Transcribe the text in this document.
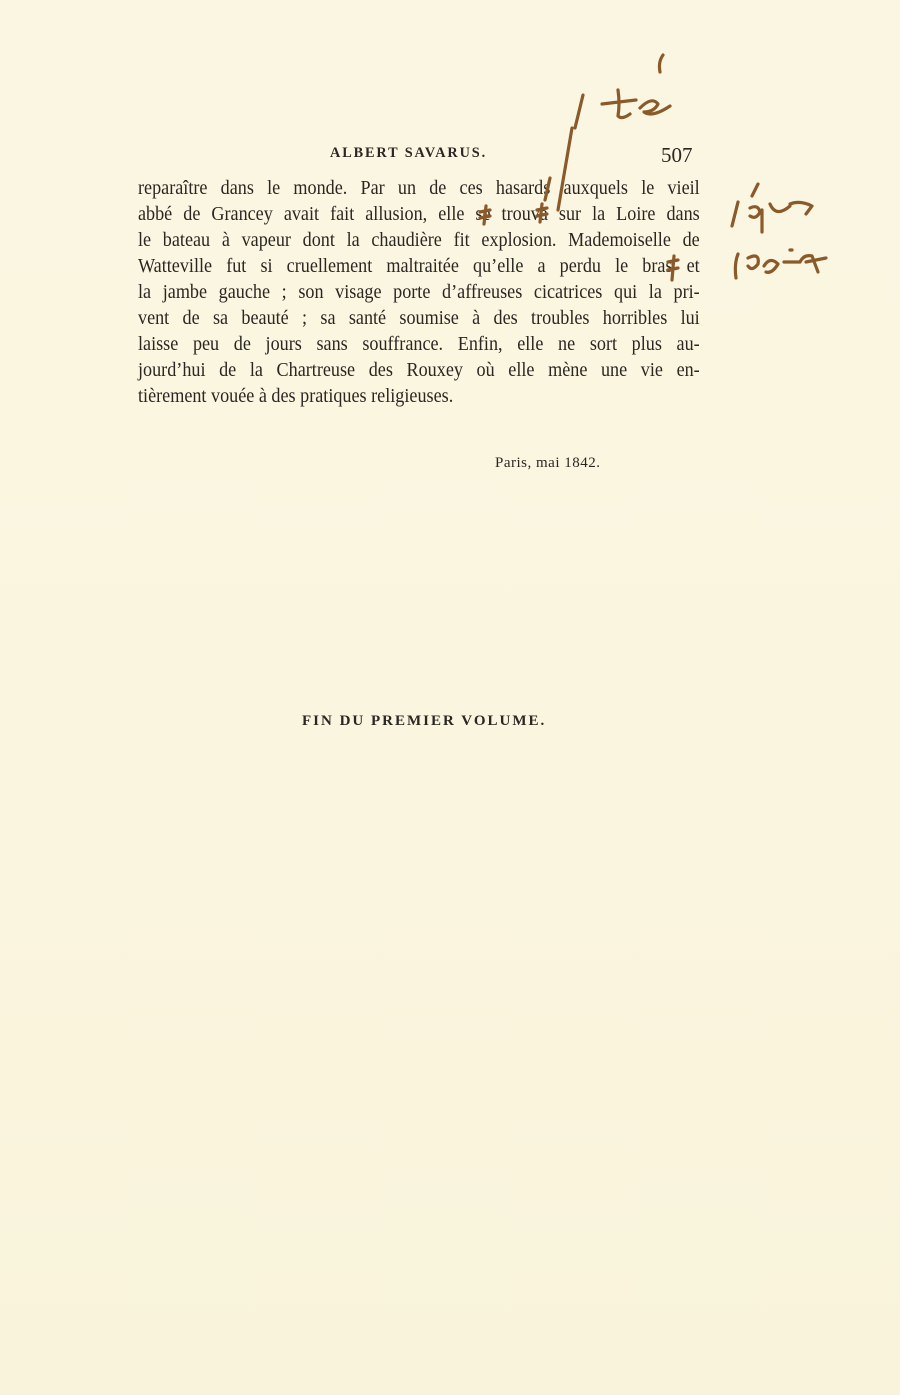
ALBERT SAVARUS.	507
reparaître dans le monde. Par un de ces hasards auxquels le vieil
abbé de Grancey avait fait allusion, elle se trouva sur la Loire dans
le bateau à vapeur dont la chaudière fit explosion. Mademoiselle de
Watteville fut si cruellement maltraitée qu’elle a perdu le bras et
la jambe gauche ; son visage porte d’affreuses cicatrices qui la pri-
vent de sa beauté ; sa santé soumise à des troubles horribles lui
laisse peu de jours sans souffrance. Enfin, elle ne sort plus au-
jourd’hui de la Chartreuse des Rouxey où elle mène une vie en-
tièrement vouée à des pratiques religieuses.
Paris, mai 1842.
FIN DU PREMIER VOLUME.
